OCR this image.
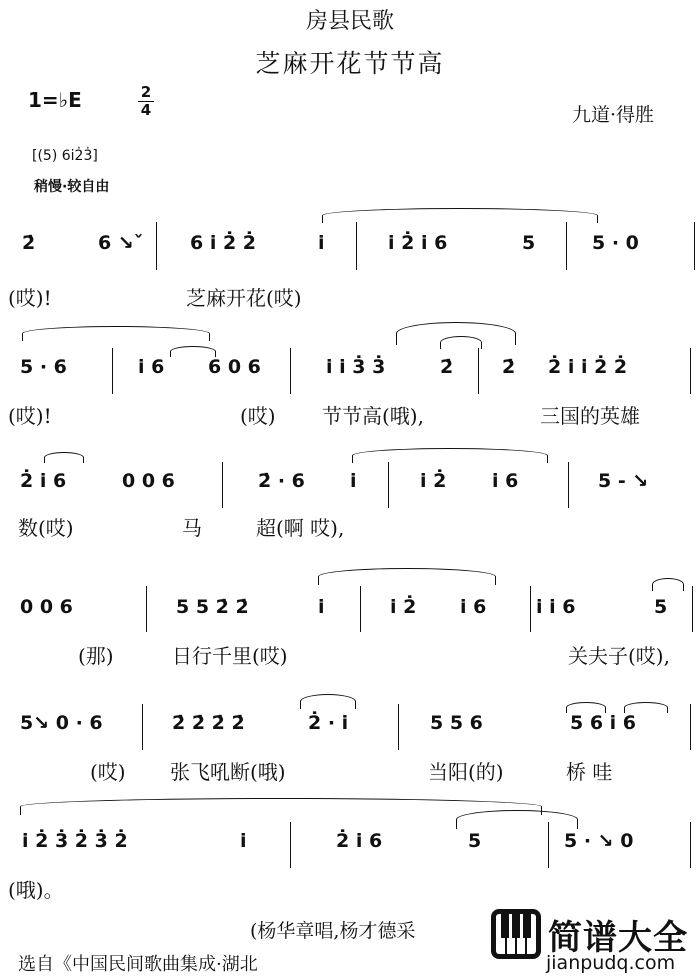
房县民歌
芝麻开花节节高
1=♭E	2
4	九道·得胜
[(5) 6i2̇3̇]
稍慢·较自由
2̇	6 ↘ˇ 6 i 2̇ 2̇	i	i 2̇ i 6	5	5 · 0
(哎)!	芝麻开花(哎)
5 · 6	i 6 6 0 6	i i 3̇ 3̇	2̇	2̇ 2̇ i i 2̇ 2̇
(哎)!	(哎) 节节高(哦),	三国的英雄
2̇ i 6	0 0 6	2̇ · 6 i	i 2̇ i 6	5 - ↘
数(哎)	马	超(啊 哎),
0 0 6	5 5 2̇ 2̇	i	i 2̇ i 6	i i 6	5
(那)	日行千里(哎)	关夫子(哎),
5↘ 0 · 6	2̇ 2̇ 2̇ 2̇	2̇ · i	5 5 6	5 6 i 6
(哎) 张飞吼断(哦)	当阳(的)	桥 哇
i 2̇ 3̇ 2̇ 3̇ 2̇	i	2̇ i 6	5	5 · ↘ 0
(哦)。
(杨华章唱,杨才德采
选自《中国民间歌曲集成·湖北
简谱大全
jianpudq.com
